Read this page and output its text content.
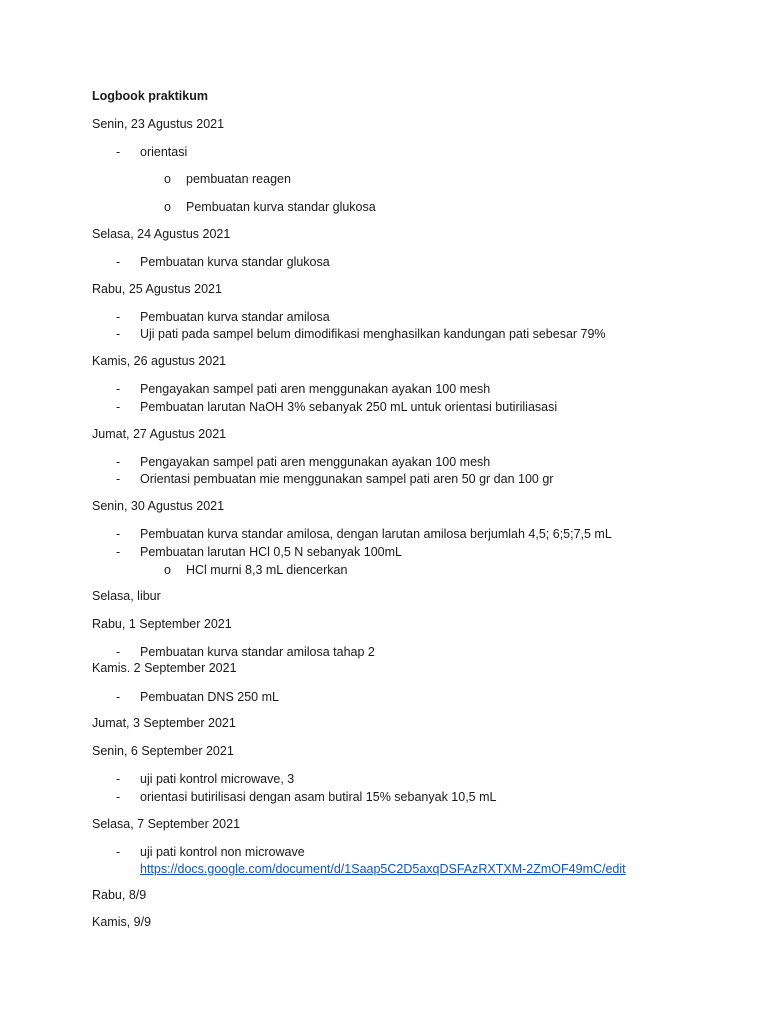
Logbook praktikum
Senin, 23 Agustus 2021
- orientasi
o pembuatan reagen
o Pembuatan kurva standar glukosa
Selasa, 24 Agustus 2021
- Pembuatan kurva standar glukosa
Rabu, 25 Agustus 2021
- Pembuatan kurva standar amilosa
- Uji pati pada sampel belum dimodifikasi menghasilkan kandungan pati sebesar 79%
Kamis, 26 agustus 2021
- Pengayakan sampel pati aren menggunakan ayakan 100 mesh
- Pembuatan larutan NaOH 3% sebanyak 250 mL untuk orientasi butiriliasasi
Jumat, 27 Agustus 2021
- Pengayakan sampel pati aren menggunakan ayakan 100 mesh
- Orientasi pembuatan mie menggunakan sampel pati aren 50 gr dan 100 gr
Senin, 30 Agustus 2021
- Pembuatan kurva standar amilosa, dengan larutan amilosa berjumlah 4,5; 6;5;7,5 mL
- Pembuatan larutan HCl 0,5 N sebanyak 100mL
o HCl murni 8,3 mL diencerkan
Selasa, libur
Rabu, 1 September 2021
- Pembuatan kurva standar amilosa tahap 2
Kamis. 2 September 2021
- Pembuatan DNS 250 mL
Jumat, 3 September 2021
Senin, 6 September 2021
- uji pati kontrol microwave, 3
- orientasi butirilisasi dengan asam butiral 15% sebanyak 10,5 mL
Selasa, 7 September 2021
- uji pati kontrol non microwave
https://docs.google.com/document/d/1Saap5C2D5axqDSFAzRXTXM-2ZmOF49mC/edit
Rabu, 8/9
Kamis, 9/9
